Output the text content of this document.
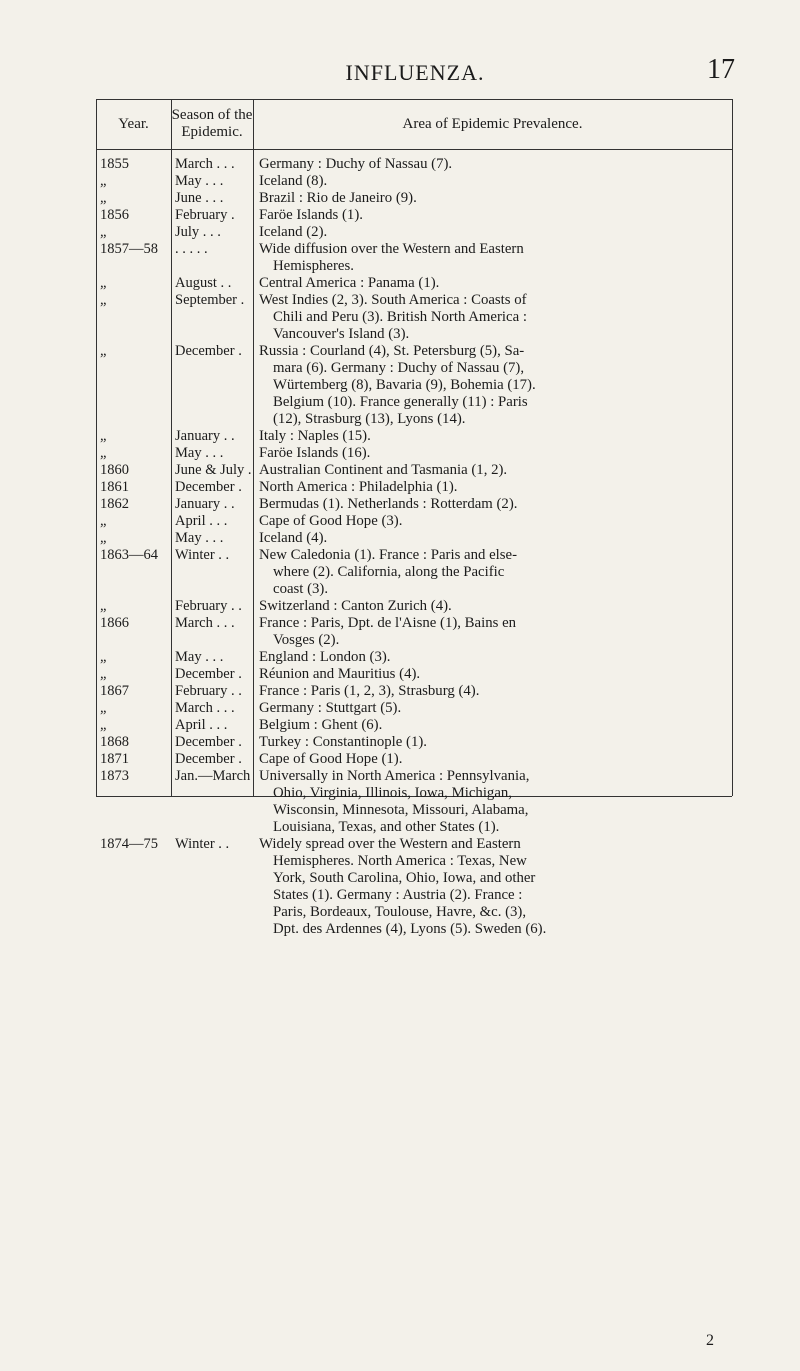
INFLUENZA.	17
Year.
Season of the
Epidemic.
Area of Epidemic Prevalence.
1855	March . . .	Germany : Duchy of Nassau (7).
„	May . . .	Iceland (8).
„	June . . .	Brazil : Rio de Janeiro (9).
1856	February .	Faröe Islands (1).
„	July . . .	Iceland (2).
1857—58	. . . . .	Wide diffusion over the Western and Eastern
Hemispheres.
„	August . .	Central America : Panama (1).
„	September . West Indies (2, 3). South America : Coasts of
Chili and Peru (3). British North America :
Vancouver's Island (3).
„	December .	Russia : Courland (4), St. Petersburg (5), Sa-
mara (6). Germany : Duchy of Nassau (7),
Würtemberg (8), Bavaria (9), Bohemia (17).
Belgium (10). France generally (11) : Paris
(12), Strasburg (13), Lyons (14).
„	January . .	Italy : Naples (15).
„	May . . .	Faröe Islands (16).
1860	June & July . Australian Continent and Tasmania (1, 2).
1861	December .	North America : Philadelphia (1).
1862	January . .	Bermudas (1). Netherlands : Rotterdam (2).
„	April . . .	Cape of Good Hope (3).
„	May . . .	Iceland (4).
1863—64	Winter . .	New Caledonia (1). France : Paris and else-
where (2). California, along the Pacific
coast (3).
„	February . .	Switzerland : Canton Zurich (4).
1866	March . . .	France : Paris, Dpt. de l'Aisne (1), Bains en
Vosges (2).
„	May . . .	England : London (3).
„	December .	Réunion and Mauritius (4).
1867	February . .	France : Paris (1, 2, 3), Strasburg (4).
„	March . . .	Germany : Stuttgart (5).
„	April . . .	Belgium : Ghent (6).
1868	December .	Turkey : Constantinople (1).
1871	December .	Cape of Good Hope (1).
1873	Jan.—March Universally in North America : Pennsylvania,
Ohio, Virginia, Illinois, Iowa, Michigan,
Wisconsin, Minnesota, Missouri, Alabama,
Louisiana, Texas, and other States (1).
1874—75	Winter . .	Widely spread over the Western and Eastern
Hemispheres. North America : Texas, New
York, South Carolina, Ohio, Iowa, and other
States (1). Germany : Austria (2). France :
Paris, Bordeaux, Toulouse, Havre, &c. (3),
Dpt. des Ardennes (4), Lyons (5). Sweden (6).
2
